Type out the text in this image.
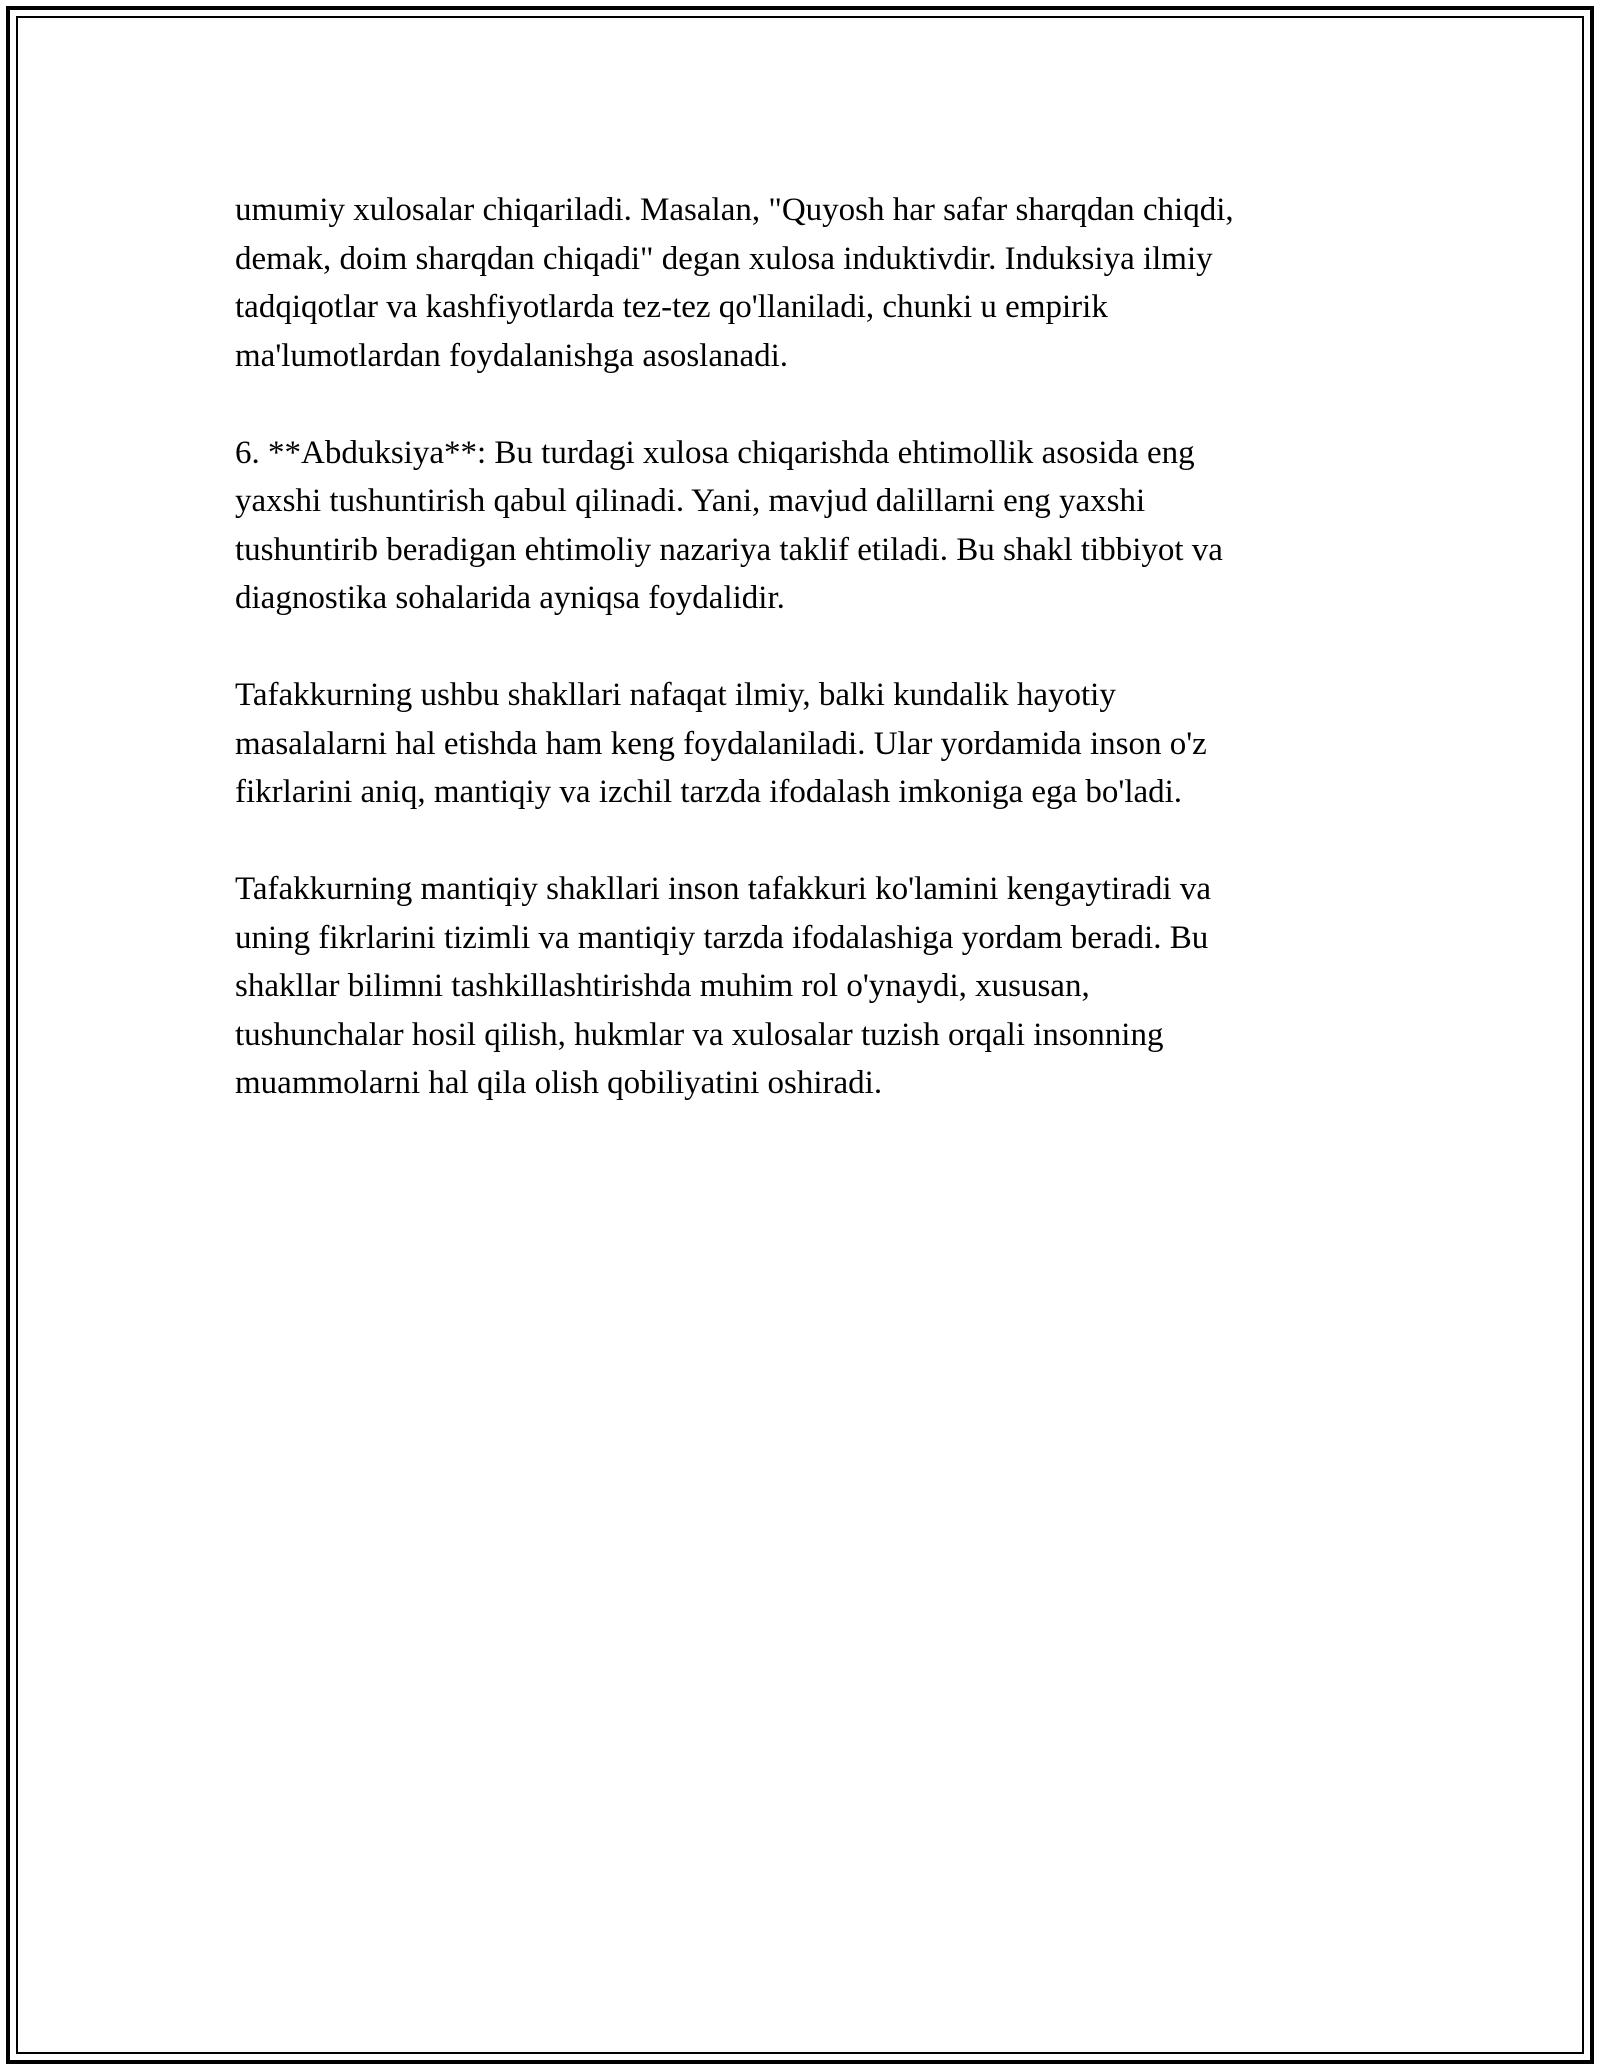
umumiy xulosalar chiqariladi. Masalan, "Quyosh har safar sharqdan chiqdi,
demak, doim sharqdan chiqadi" degan xulosa induktivdir. Induksiya ilmiy
tadqiqotlar va kashfiyotlarda tez-tez qo'llaniladi, chunki u empirik
ma'lumotlardan foydalanishga asoslanadi.

6. **Abduksiya**: Bu turdagi xulosa chiqarishda ehtimollik asosida eng
yaxshi tushuntirish qabul qilinadi. Yani, mavjud dalillarni eng yaxshi
tushuntirib beradigan ehtimoliy nazariya taklif etiladi. Bu shakl tibbiyot va
diagnostika sohalarida ayniqsa foydalidir.

Tafakkurning ushbu shakllari nafaqat ilmiy, balki kundalik hayotiy
masalalarni hal etishda ham keng foydalaniladi. Ular yordamida inson o'z
fikrlarini aniq, mantiqiy va izchil tarzda ifodalash imkoniga ega bo'ladi.

Tafakkurning mantiqiy shakllari inson tafakkuri ko'lamini kengaytiradi va
uning fikrlarini tizimli va mantiqiy tarzda ifodalashiga yordam beradi. Bu
shakllar bilimni tashkillashtirishda muhim rol o'ynaydi, xususan,
tushunchalar hosil qilish, hukmlar va xulosalar tuzish orqali insonning
muammolarni hal qila olish qobiliyatini oshiradi.
